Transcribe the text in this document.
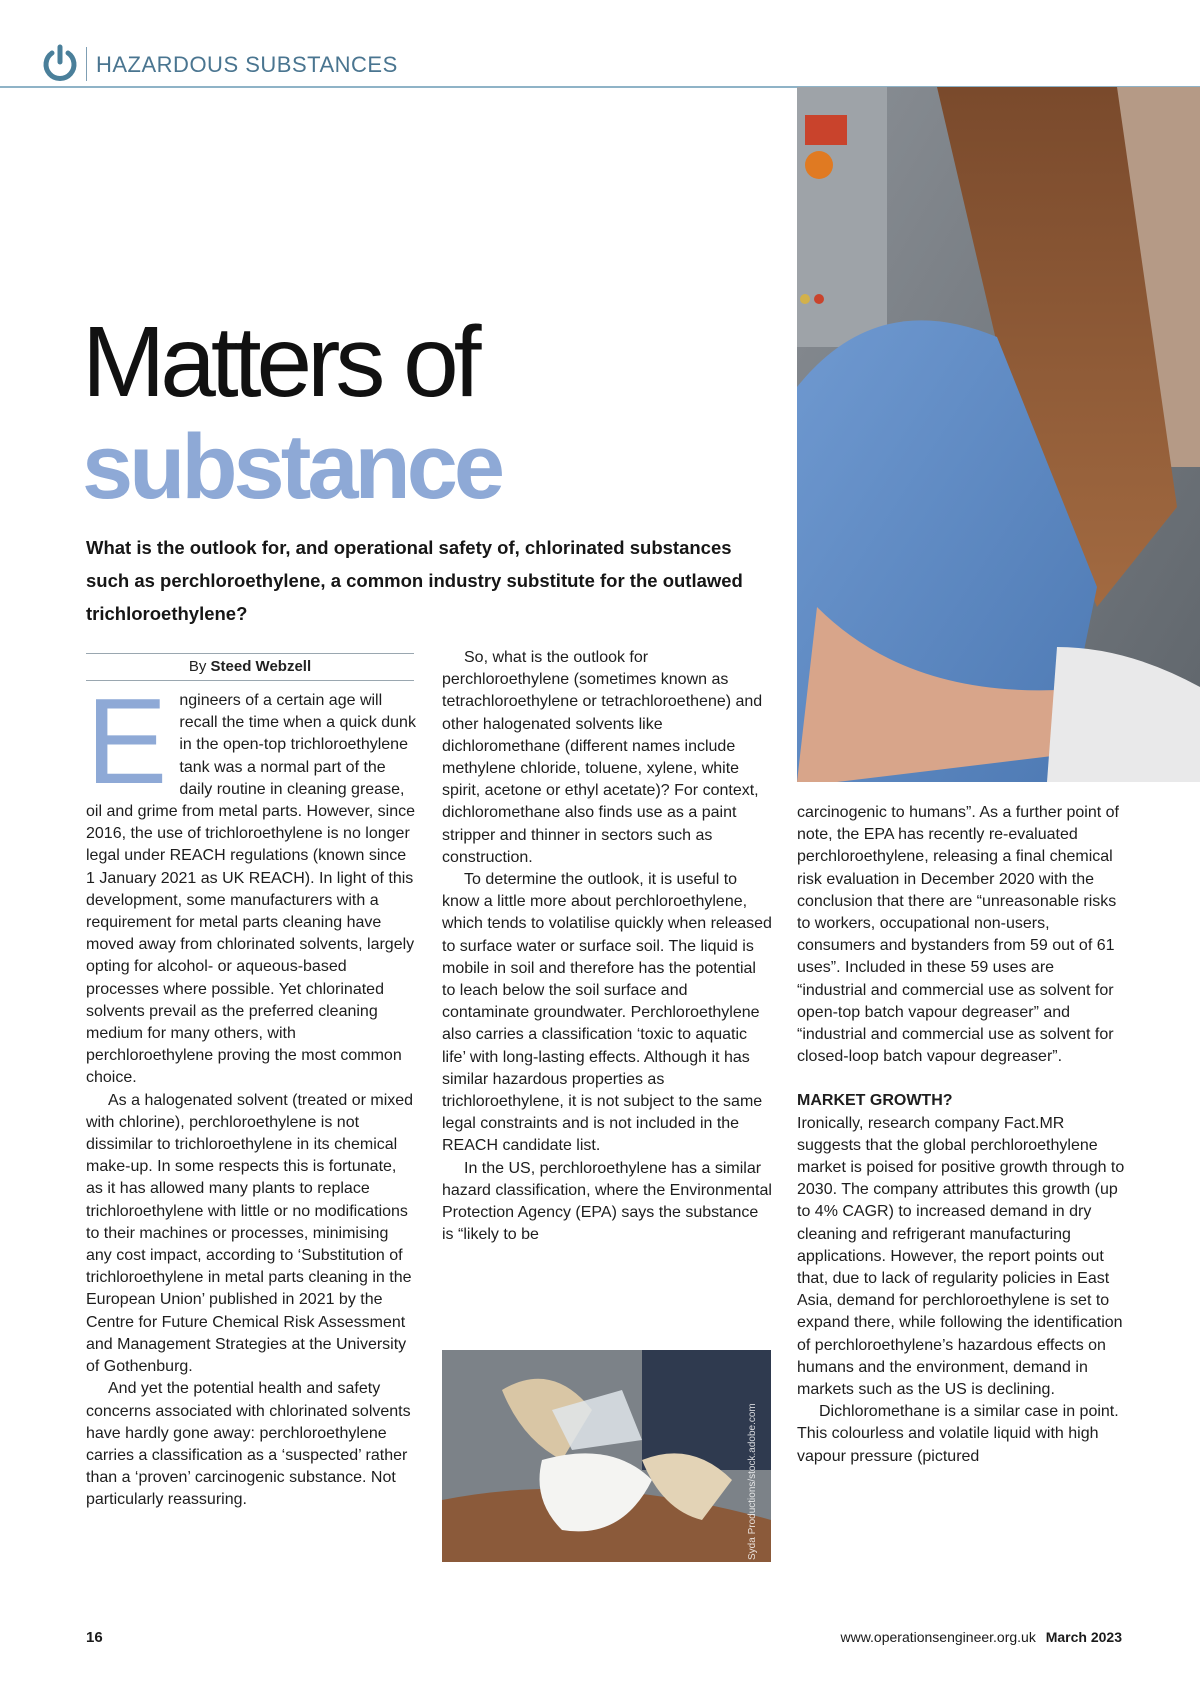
HAZARDOUS SUBSTANCES
Matters of
substance
What is the outlook for, and operational safety of, chlorinated substances such as perchloroethylene, a common industry substitute for the outlawed trichloroethylene?
By Steed Webzell

Engineers of a certain age will recall the time when a quick dunk in the open-top trichloroethylene tank was a normal part of the daily routine in cleaning grease, oil and grime from metal parts. However, since 2016, the use of trichloroethylene is no longer legal under REACH regulations (known since 1 January 2021 as UK REACH). In light of this development, some manufacturers with a requirement for metal parts cleaning have moved away from chlorinated solvents, largely opting for alcohol- or aqueous-based processes where possible. Yet chlorinated solvents prevail as the preferred cleaning medium for many others, with perchloroethylene proving the most common choice.

As a halogenated solvent (treated or mixed with chlorine), perchloroethylene is not dissimilar to trichloroethylene in its chemical make-up. In some respects this is fortunate, as it has allowed many plants to replace trichloroethylene with little or no modifications to their machines or processes, minimising any cost impact, according to ‘Substitution of trichloroethylene in metal parts cleaning in the European Union’ published in 2021 by the Centre for Future Chemical Risk Assessment and Management Strategies at the University of Gothenburg.

And yet the potential health and safety concerns associated with chlorinated solvents have hardly gone away: perchloroethylene carries a classification as a ‘suspected’ rather than a ‘proven’ carcinogenic substance. Not particularly reassuring.

So, what is the outlook for perchloroethylene (sometimes known as tetrachloroethylene or tetrachloroethene) and other halogenated solvents like dichloromethane (different names include methylene chloride, toluene, xylene, white spirit, acetone or ethyl acetate)? For context, dichloromethane also finds use as a paint stripper and thinner in sectors such as construction.

To determine the outlook, it is useful to know a little more about perchloroethylene, which tends to volatilise quickly when released to surface water or surface soil. The liquid is mobile in soil and therefore has the potential to leach below the soil surface and contaminate groundwater. Perchloroethylene also carries a classification ‘toxic to aquatic life’ with long-lasting effects. Although it has similar hazardous properties as trichloroethylene, it is not subject to the same legal constraints and is not included in the REACH candidate list.

In the US, perchloroethylene has a similar hazard classification, where the Environmental Protection Agency (EPA) says the substance is “likely to be

Syda Productions/stock.adobe.com

carcinogenic to humans”. As a further point of note, the EPA has recently re-evaluated perchloroethylene, releasing a final chemical risk evaluation in December 2020 with the conclusion that there are “unreasonable risks to workers, occupational non-users, consumers and bystanders from 59 out of 61 uses”. Included in these 59 uses are “industrial and commercial use as solvent for open-top batch vapour degreaser” and “industrial and commercial use as solvent for closed-loop batch vapour degreaser”.

MARKET GROWTH?

Ironically, research company Fact.MR suggests that the global perchloroethylene market is poised for positive growth through to 2030. The company attributes this growth (up to 4% CAGR) to increased demand in dry cleaning and refrigerant manufacturing applications. However, the report points out that, due to lack of regularity policies in East Asia, demand for perchloroethylene is set to expand there, while following the identification of perchloroethylene’s hazardous effects on humans and the environment, demand in markets such as the US is declining.

Dichloromethane is a similar case in point. This colourless and volatile liquid with high vapour pressure (pictured

16	www.operationsengineer.org.uk March 2023
